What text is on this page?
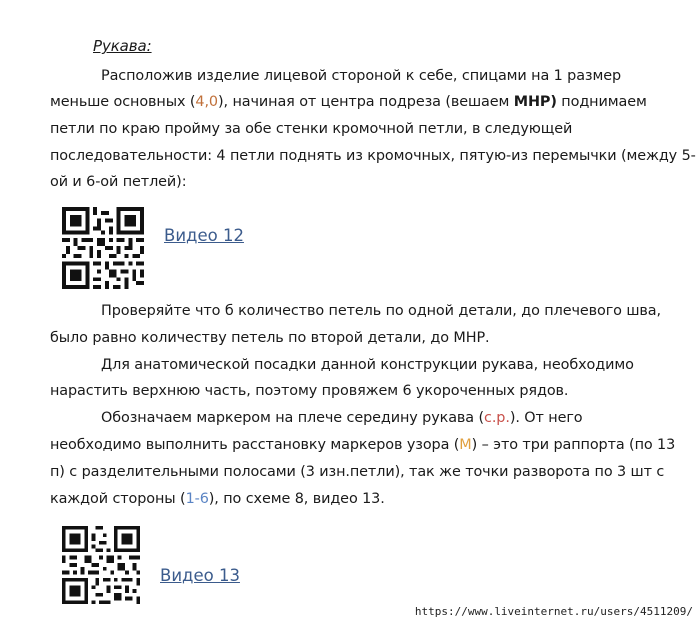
Рукава:
Расположив изделие лицевой стороной к себе, спицами на 1 размер
меньше основных (4,0), начиная от центра подреза (вешаем МНР) поднимаем
петли по краю пройму за обе стенки кромочной петли, в следующей
последовательности: 4 петли поднять из кромочных, пятую-из перемычки (между 5-
ой и 6-ой петлей):
Видео 12
Проверяйте что б количество петель по одной детали, до плечевого шва,
было равно количеству петель по второй детали, до МНР.
Для анатомической посадки данной конструкции рукава, необходимо
нарастить верхнюю часть, поэтому провяжем 6 укороченных рядов.
Обозначаем маркером на плече середину рукава (с.р.). От него
необходимо выполнить расстановку маркеров узора (М) – это три раппорта (по 13
п) с разделительными полосами (3 изн.петли), так же точки разворота по 3 шт с
каждой стороны (1-6), по схеме 8, видео 13.
Видео 13
https://www.liveinternet.ru/users/4511209/
